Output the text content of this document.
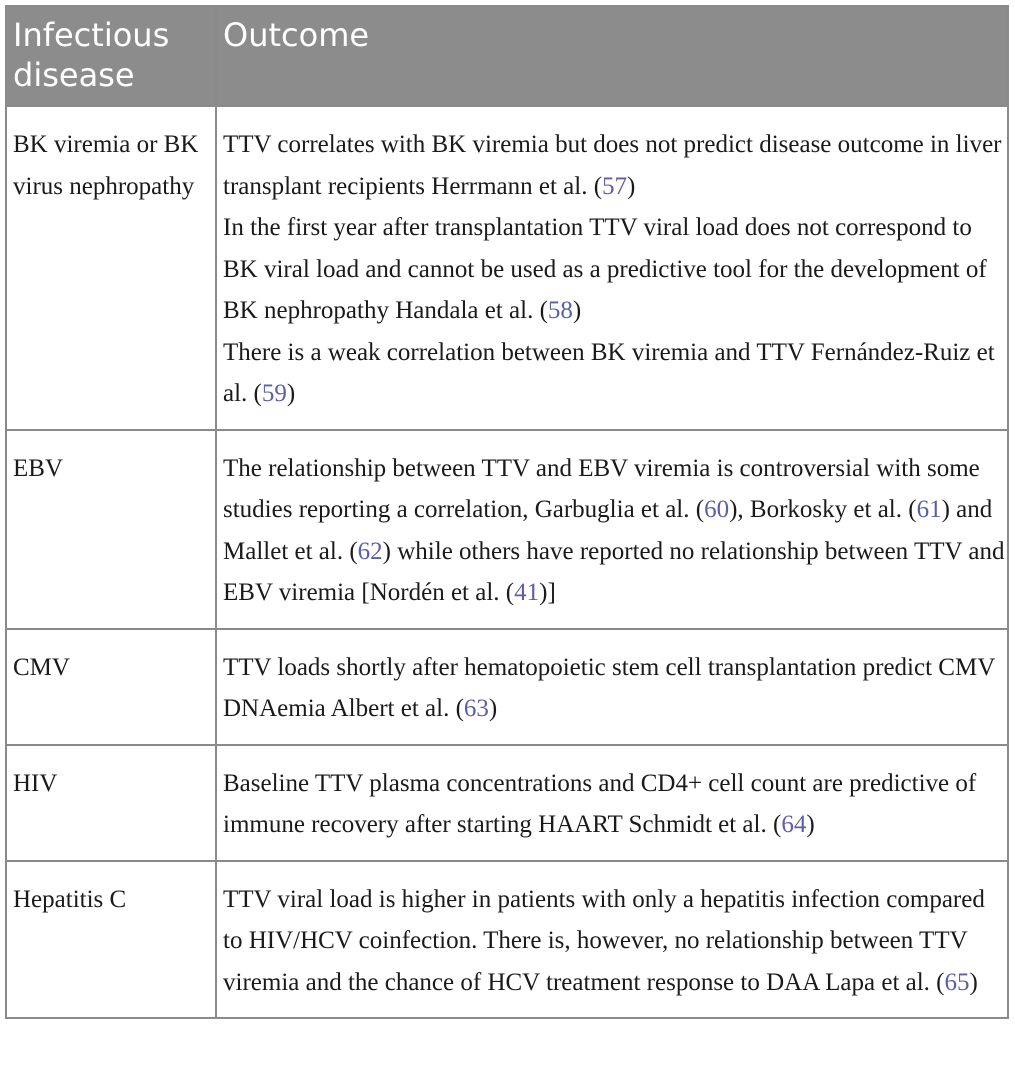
Infectious disease	Outcome
BK viremia or BK virus nephropathy	TTV correlates with BK viremia but does not predict disease outcome in liver transplant recipients Herrmann et al. (57)
In the first year after transplantation TTV viral load does not correspond to BK viral load and cannot be used as a predictive tool for the development of BK nephropathy Handala et al. (58)
There is a weak correlation between BK viremia and TTV Fernández-Ruiz et al. (59)

EBV	The relationship between TTV and EBV viremia is controversial with some studies reporting a correlation, Garbuglia et al. (60), Borkosky et al. (61) and Mallet et al. (62) while others have reported no relationship between TTV and EBV viremia [Nordén et al. (41)]

CMV	TTV loads shortly after hematopoietic stem cell transplantation predict CMV DNAemia Albert et al. (63)

HIV	Baseline TTV plasma concentrations and CD4+ cell count are predictive of immune recovery after starting HAART Schmidt et al. (64)

Hepatitis C	TTV viral load is higher in patients with only a hepatitis infection compared to HIV/HCV coinfection. There is, however, no relationship between TTV viremia and the chance of HCV treatment response to DAA Lapa et al. (65)
